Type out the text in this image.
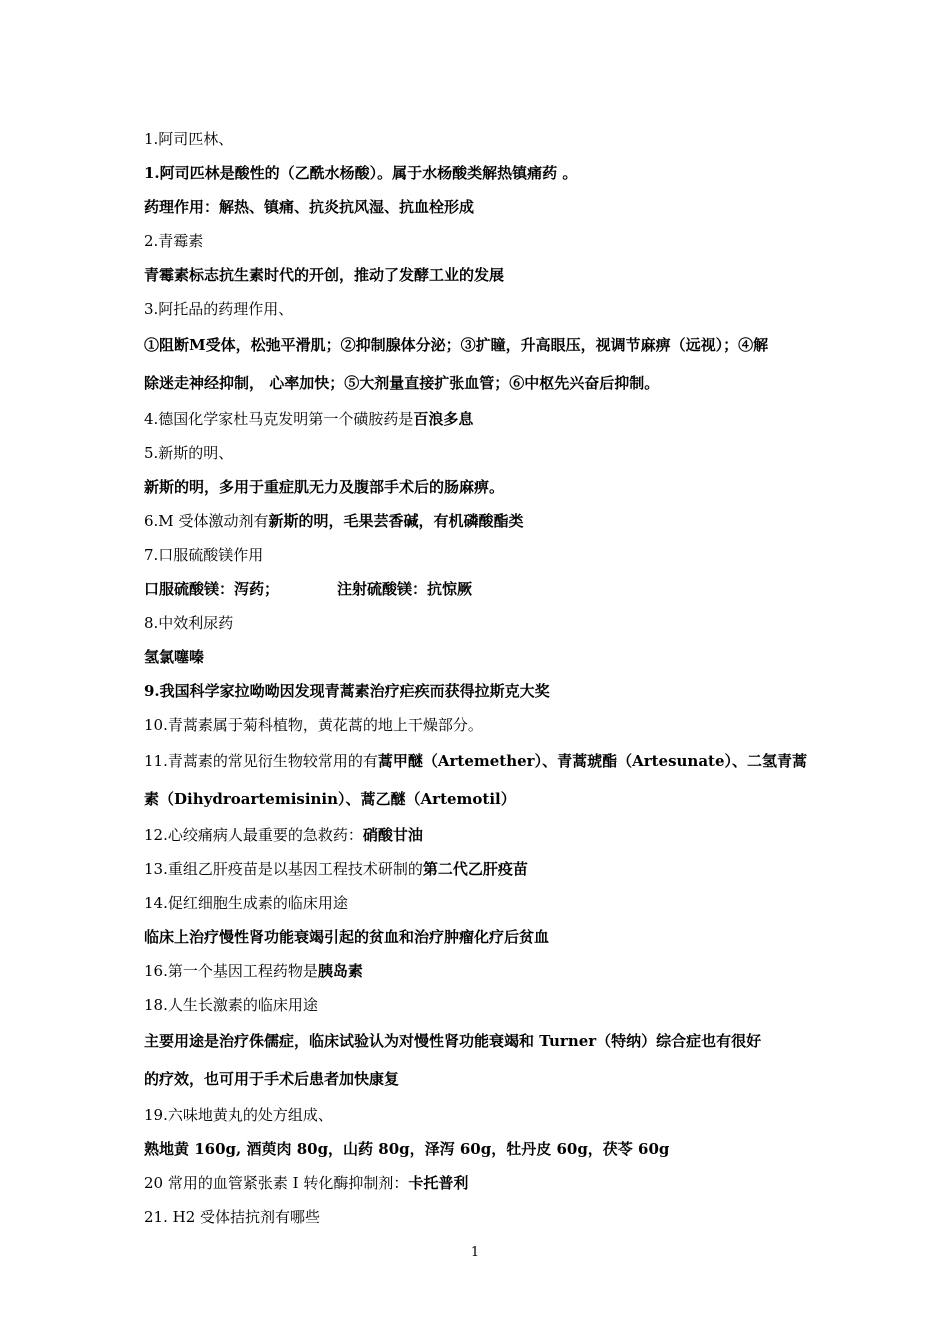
1.阿司匹林、
1.阿司匹林是酸性的（乙酰水杨酸）。属于水杨酸类解热镇痛药 。
药理作用：解热、镇痛、抗炎抗风湿、抗血栓形成
2.青霉素
青霉素标志抗生素时代的开创，推动了发酵工业的发展
3.阿托品的药理作用、
①阻断M受体，松弛平滑肌；②抑制腺体分泌；③扩瞳，升高眼压，视调节麻痹（远视）；④解
除迷走神经抑制， 心率加快；⑤大剂量直接扩张血管；⑥中枢先兴奋后抑制。
4.德国化学家杜马克发明第一个磺胺药是百浪多息
5.新斯的明、
新斯的明，多用于重症肌无力及腹部手术后的肠麻痹。
6.M 受体激动剂有新斯的明，毛果芸香碱，有机磷酸酯类
7.口服硫酸镁作用
口服硫酸镁：泻药；	注射硫酸镁：抗惊厥
8.中效利尿药
氢氯噻嗪
9.我国科学家拉呦呦因发现青蒿素治疗疟疾而获得拉斯克大奖
10.青蒿素属于菊科植物，黄花蒿的地上干燥部分。
11.青蒿素的常见衍生物较常用的有蒿甲醚（Artemether）、青蒿琥酯（Artesunate）、二氢青蒿
素（Dihydroartemisinin）、蒿乙醚（Artemotil）
12.心绞痛病人最重要的急救药：硝酸甘油
13.重组乙肝疫苗是以基因工程技术研制的第二代乙肝疫苗
14.促红细胞生成素的临床用途
临床上治疗慢性肾功能衰竭引起的贫血和治疗肿瘤化疗后贫血
16.第一个基因工程药物是胰岛素
18.人生长激素的临床用途
主要用途是治疗侏儒症，临床试验认为对慢性肾功能衰竭和 Turner（特纳）综合症也有很好
的疗效，也可用于手术后患者加快康复
19.六味地黄丸的处方组成、
熟地黄 160g, 酒萸肉 80g，山药 80g，泽泻 60g，牡丹皮 60g，茯苓 60g
20 常用的血管紧张素 I 转化酶抑制剂：卡托普利
21. H2 受体拮抗剂有哪些
1
